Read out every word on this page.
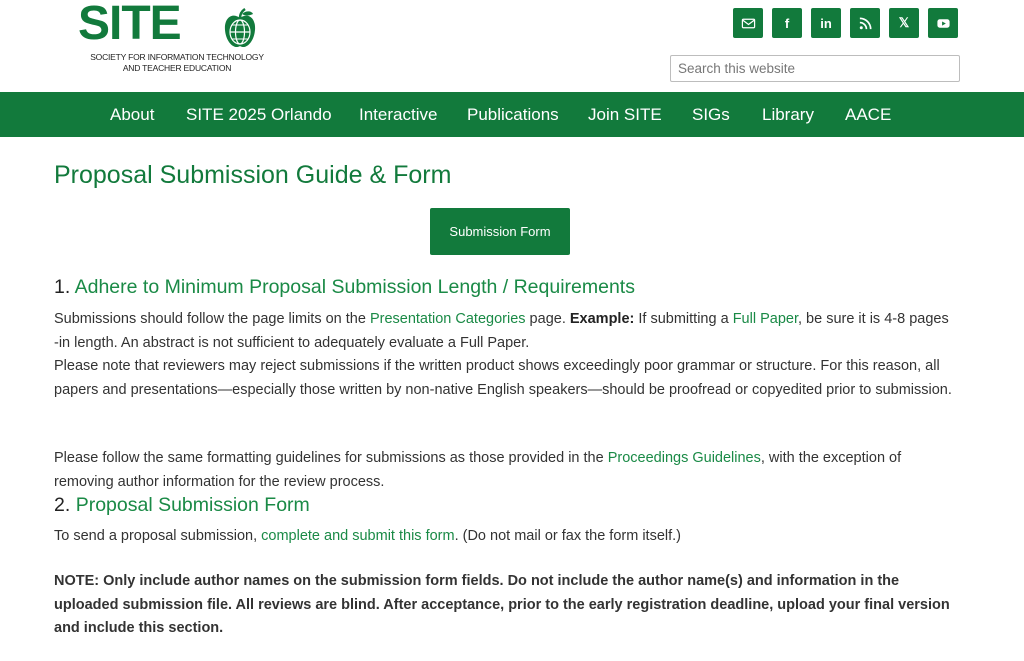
SITE
SOCIETY FOR INFORMATION TECHNOLOGY
AND TEACHER EDUCATION
f in	𝕏
Search this website
About SITE 2025 Orlando Interactive Publications Join SITE SIGs Library AACE
Proposal Submission Guide & Form
Submission Form
1. Adhere to Minimum Proposal Submission Length / Requirements

Submissions should follow the page limits on the Presentation Categories page. Example: If submitting a Full Paper, be sure it is 4-8 pages -in length. An abstract is not sufficient to adequately evaluate a Full Paper.

Please note that reviewers may reject submissions if the written product shows exceedingly poor grammar or structure. For this reason, all papers and presentations—especially those written by non-native English speakers—should be proofread or copyedited prior to submission.

Please follow the same formatting guidelines for submissions as those provided in the Proceedings Guidelines, with the exception of removing author information for the review process.

2. Proposal Submission Form

To send a proposal submission, complete and submit this form. (Do not mail or fax the form itself.)

NOTE: Only include author names on the submission form fields. Do not include the author name(s) and information in the uploaded submission file. All reviews are blind. After acceptance, prior to the early registration deadline, upload your final version and include this section.
